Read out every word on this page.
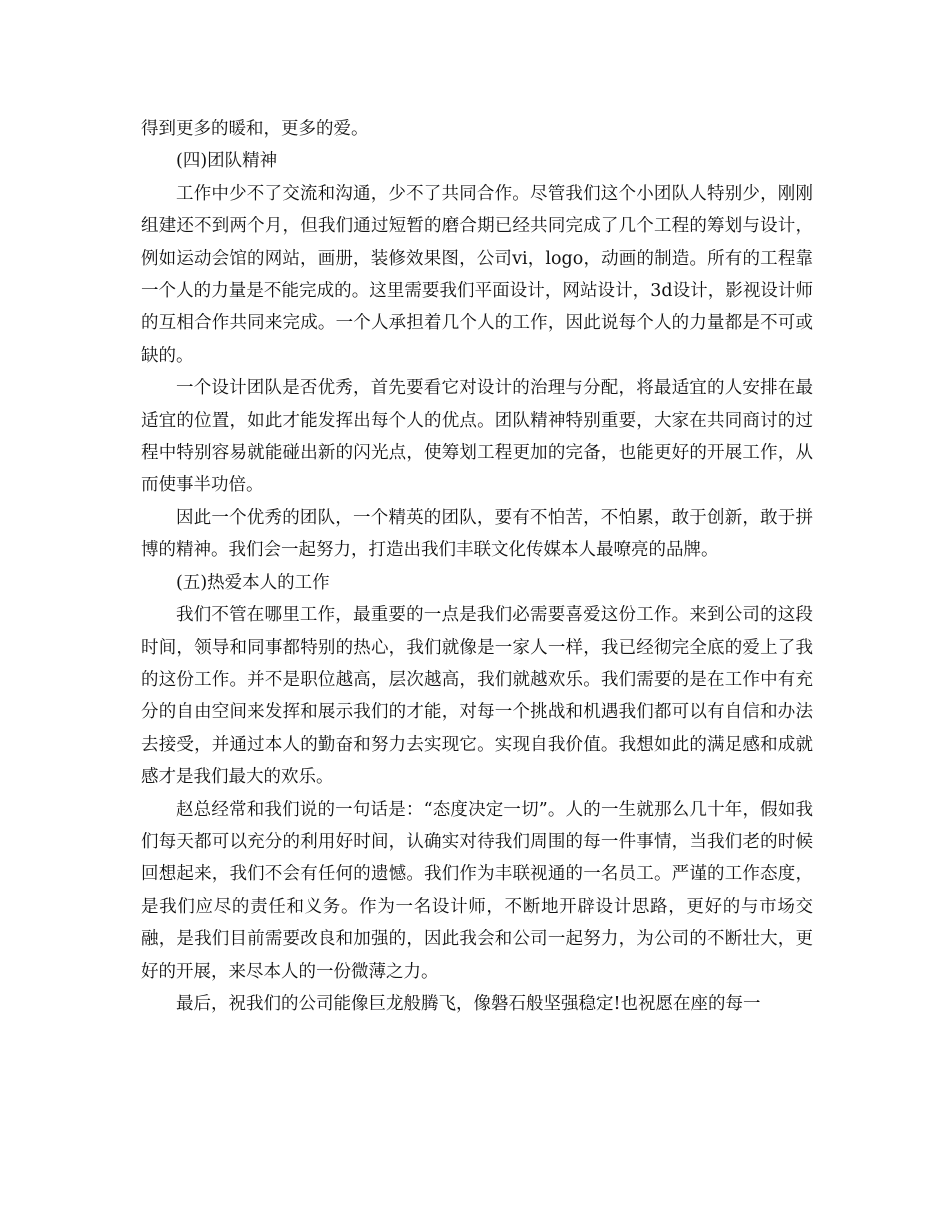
得到更多的暖和，更多的爱。

(四)团队精神

工作中少不了交流和沟通，少不了共同合作。尽管我们这个小团队人特别少，刚刚组建还不到两个月，但我们通过短暂的磨合期已经共同完成了几个工程的筹划与设计，例如运动会馆的网站，画册，装修效果图，公司vi，logo，动画的制造。所有的工程靠一个人的力量是不能完成的。这里需要我们平面设计，网站设计，3d设计，影视设计师的互相合作共同来完成。一个人承担着几个人的工作，因此说每个人的力量都是不可或缺的。

一个设计团队是否优秀，首先要看它对设计的治理与分配，将最适宜的人安排在最适宜的位置，如此才能发挥出每个人的优点。团队精神特别重要，大家在共同商讨的过程中特别容易就能碰出新的闪光点，使筹划工程更加的完备，也能更好的开展工作，从而使事半功倍。

因此一个优秀的团队，一个精英的团队，要有不怕苦，不怕累，敢于创新，敢于拼博的精神。我们会一起努力，打造出我们丰联文化传媒本人最嘹亮的品牌。

(五)热爱本人的工作

我们不管在哪里工作，最重要的一点是我们必需要喜爱这份工作。来到公司的这段时间，领导和同事都特别的热心，我们就像是一家人一样，我已经彻完全底的爱上了我的这份工作。并不是职位越高，层次越高，我们就越欢乐。我们需要的是在工作中有充分的自由空间来发挥和展示我们的才能，对每一个挑战和机遇我们都可以有自信和办法去接受，并通过本人的勤奋和努力去实现它。实现自我价值。我想如此的满足感和成就感才是我们最大的欢乐。

赵总经常和我们说的一句话是：“态度决定一切”。人的一生就那么几十年，假如我们每天都可以充分的利用好时间，认确实对待我们周围的每一件事情，当我们老的时候回想起来，我们不会有任何的遗憾。我们作为丰联视通的一名员工。严谨的工作态度，是我们应尽的责任和义务。作为一名设计师，不断地开辟设计思路，更好的与市场交融，是我们目前需要改良和加强的，因此我会和公司一起努力，为公司的不断壮大，更好的开展，来尽本人的一份微薄之力。

最后，祝我们的公司能像巨龙般腾飞，像磐石般坚强稳定!也祝愿在座的每一
